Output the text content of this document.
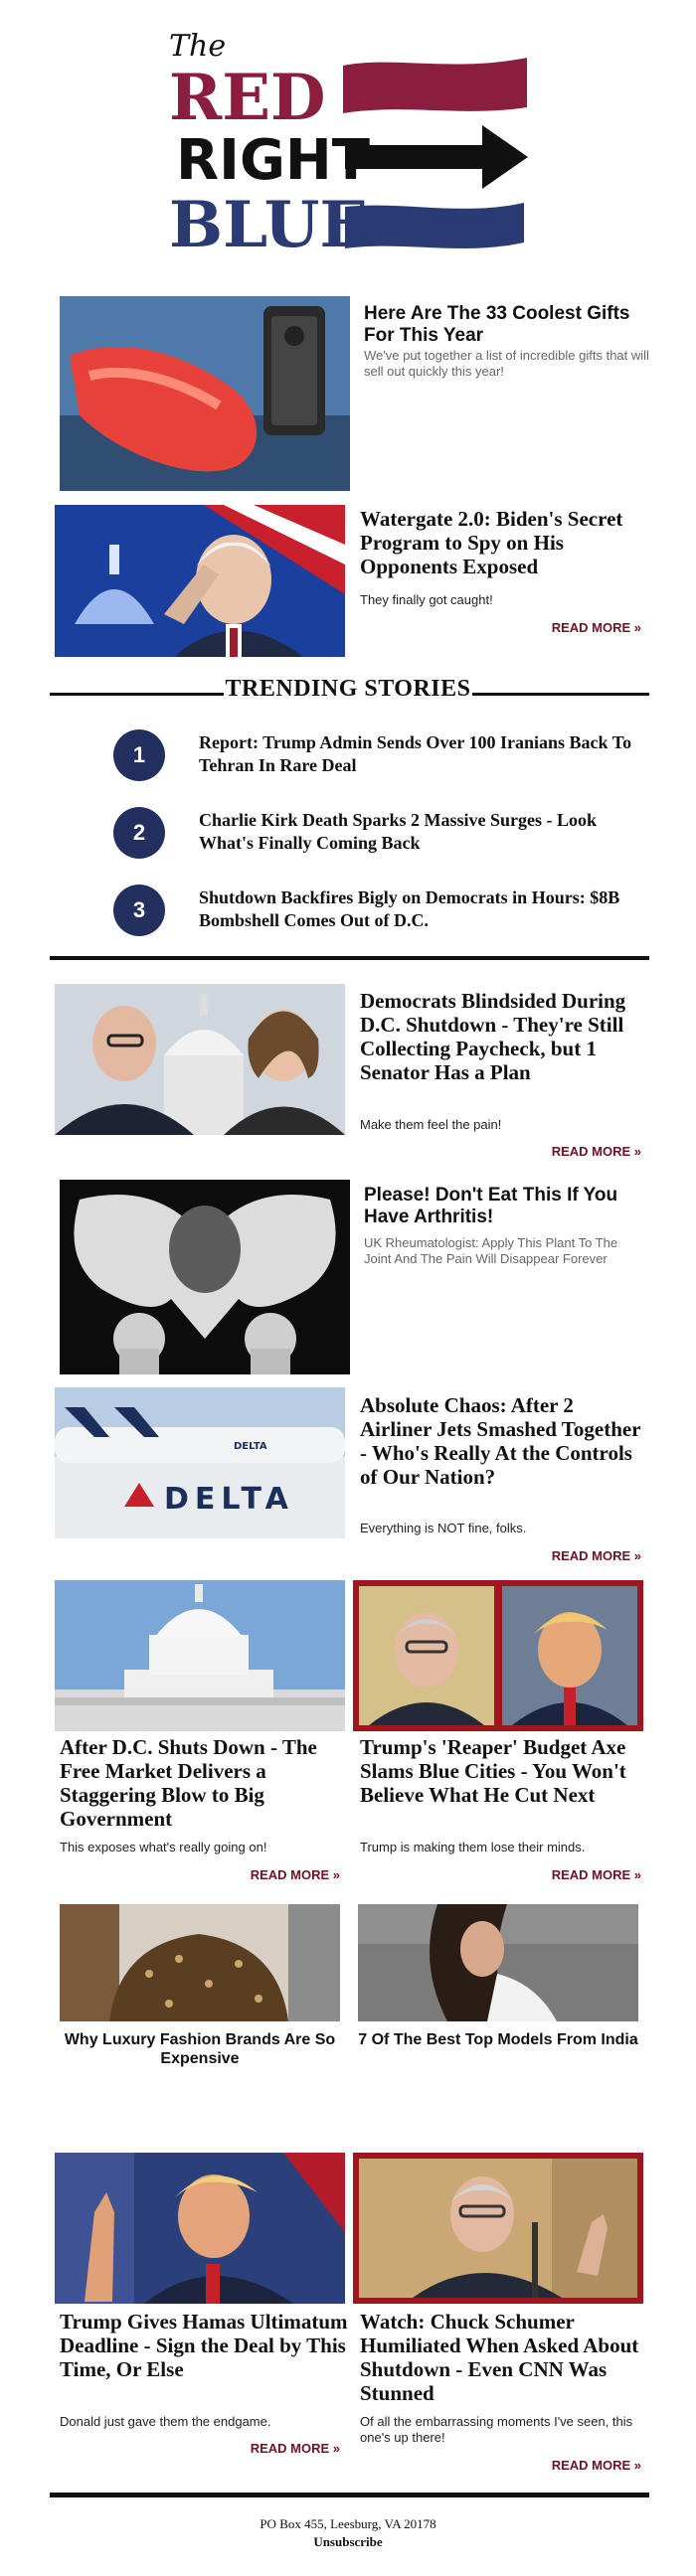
The
RED
RIGHT
BLUE
Here Are The 33 Coolest Gifts For This Year
We've put together a list of incredible gifts that will sell out quickly this year!
Watergate 2.0: Biden's Secret Program to Spy on His Opponents Exposed
They finally got caught!
READ MORE »
TRENDING STORIES
1	Report: Trump Admin Sends Over 100 Iranians Back To Tehran In Rare Deal
2	Charlie Kirk Death Sparks 2 Massive Surges - Look What's Finally Coming Back
3	Shutdown Backfires Bigly on Democrats in Hours: $8B Bombshell Comes Out of D.C.
Democrats Blindsided During D.C. Shutdown - They're Still Collecting Paycheck, but 1 Senator Has a Plan
Make them feel the pain!
READ MORE »
Please! Don't Eat This If You Have Arthritis!
UK Rheumatologist: Apply This Plant To The Joint And The Pain Will Disappear Forever
DELTA
DELTA
Absolute Chaos: After 2 Airliner Jets Smashed Together - Who's Really At the Controls of Our Nation?
Everything is NOT fine, folks.
READ MORE »
After D.C. Shuts Down - The Free Market Delivers a Staggering Blow to Big Government
This exposes what's really going on!
READ MORE »
Trump's 'Reaper' Budget Axe Slams Blue Cities - You Won't Believe What He Cut Next
Trump is making them lose their minds.
READ MORE »
Why Luxury Fashion Brands Are So Expensive
7 Of The Best Top Models From India
Trump Gives Hamas Ultimatum Deadline - Sign the Deal by This Time, Or Else
Donald just gave them the endgame.
READ MORE »
Watch: Chuck Schumer Humiliated When Asked About Shutdown - Even CNN Was Stunned
Of all the embarrassing moments I've seen, this one's up there!
READ MORE »
PO Box 455, Leesburg, VA 20178
Unsubscribe
